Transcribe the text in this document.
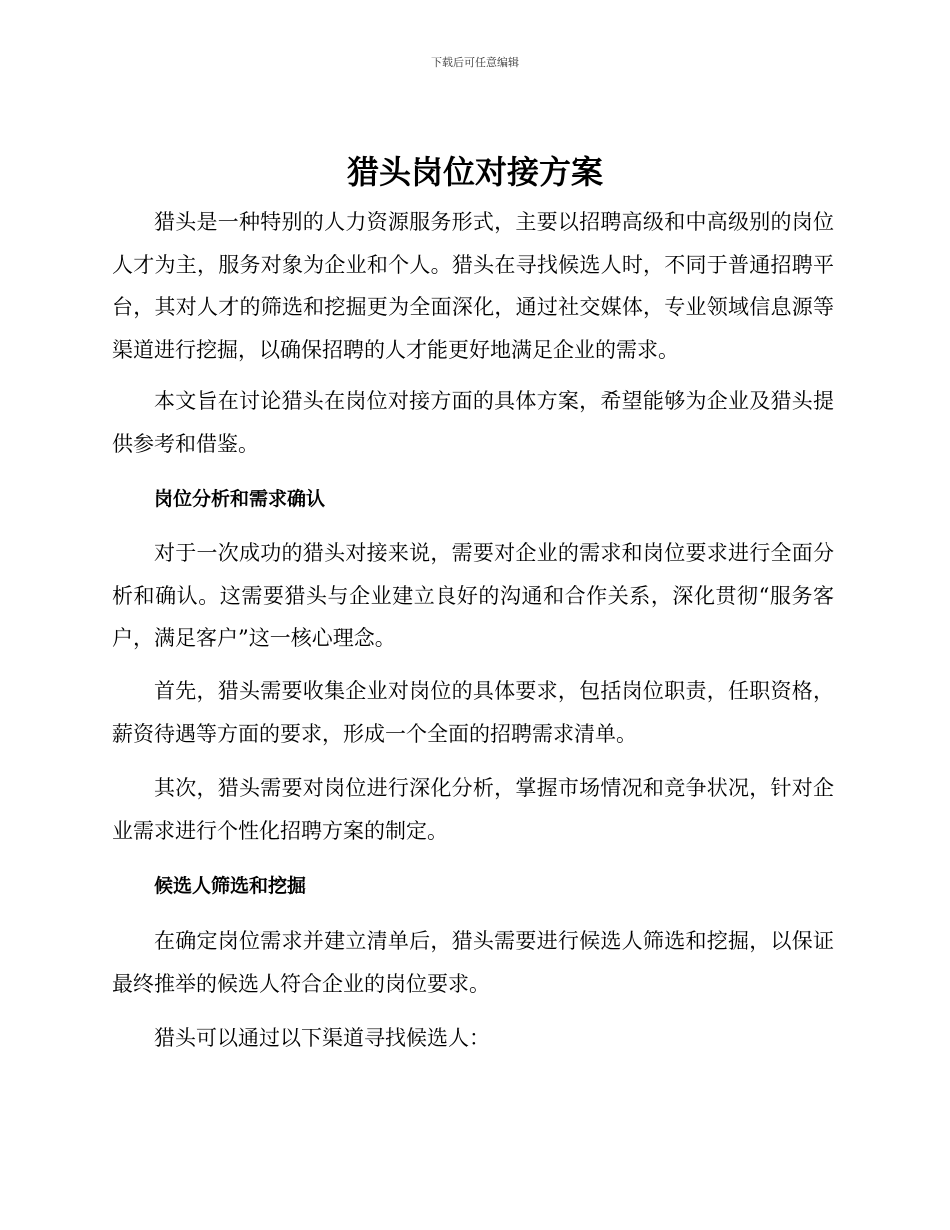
下载后可任意编辑
猎头岗位对接方案

猎头是一种特别的人力资源服务形式，主要以招聘高级和中高级别的岗位人才为主，服务对象为企业和个人。猎头在寻找候选人时，不同于普通招聘平台，其对人才的筛选和挖掘更为全面深化，通过社交媒体，专业领域信息源等渠道进行挖掘，以确保招聘的人才能更好地满足企业的需求。

本文旨在讨论猎头在岗位对接方面的具体方案，希望能够为企业及猎头提供参考和借鉴。

岗位分析和需求确认

对于一次成功的猎头对接来说，需要对企业的需求和岗位要求进行全面分析和确认。这需要猎头与企业建立良好的沟通和合作关系，深化贯彻“服务客户，满足客户”这一核心理念。

首先，猎头需要收集企业对岗位的具体要求，包括岗位职责，任职资格，薪资待遇等方面的要求，形成一个全面的招聘需求清单。

其次，猎头需要对岗位进行深化分析，掌握市场情况和竞争状况，针对企业需求进行个性化招聘方案的制定。

候选人筛选和挖掘

在确定岗位需求并建立清单后，猎头需要进行候选人筛选和挖掘，以保证最终推举的候选人符合企业的岗位要求。

猎头可以通过以下渠道寻找候选人：
